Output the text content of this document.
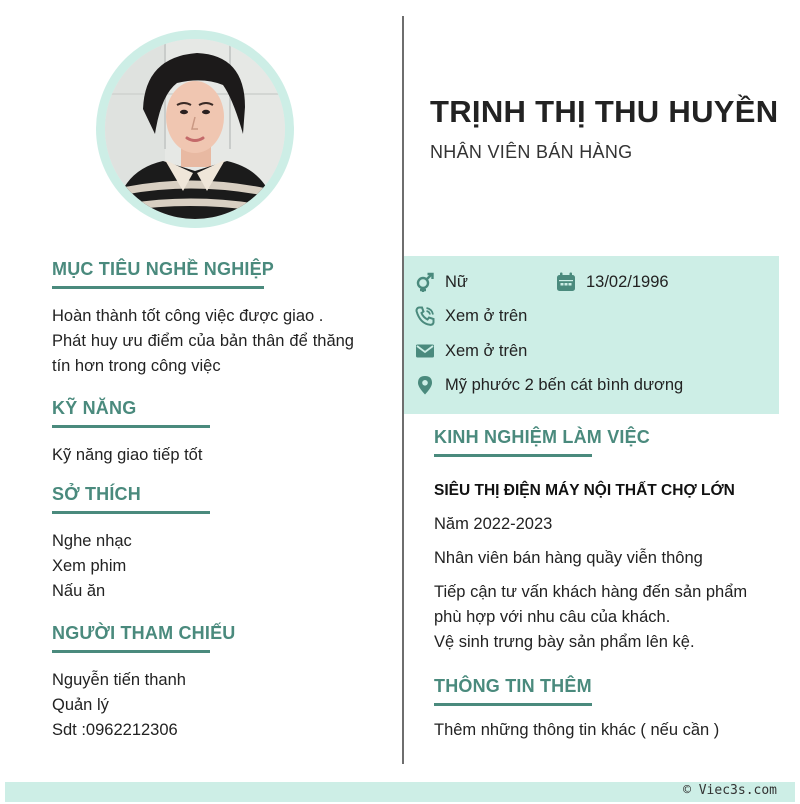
MỤC TIÊU NGHỀ NGHIỆP

Hoàn thành tốt công việc được giao .

Phát huy ưu điểm của bản thân để thăng tín hơn trong công việc

KỸ NĂNG

Kỹ năng giao tiếp tốt

SỞ THÍCH

Nghe nhạc

Xem phim

Nấu ăn

NGƯỜI THAM CHIẾU

Nguyễn tiến thanh

Quản lý

Sdt :0962212306

TRỊNH THỊ THU HUYỀN
NHÂN VIÊN BÁN HÀNG
Nữ	13/02/1996
Xem ở trên
Xem ở trên
Mỹ phước 2 bến cát bình dương
KINH NGHIỆM LÀM VIỆC
SIÊU THỊ ĐIỆN MÁY NỘI THẤT CHỢ LỚN
Năm 2022-2023
Nhân viên bán hàng quầy viễn thông
Tiếp cận tư vấn khách hàng đến sản phẩm phù hợp với nhu câu của khách.
Vệ sinh trưng bày sản phẩm lên kệ.
THÔNG TIN THÊM
Thêm những thông tin khác ( nếu cần )
© Viec3s.com
